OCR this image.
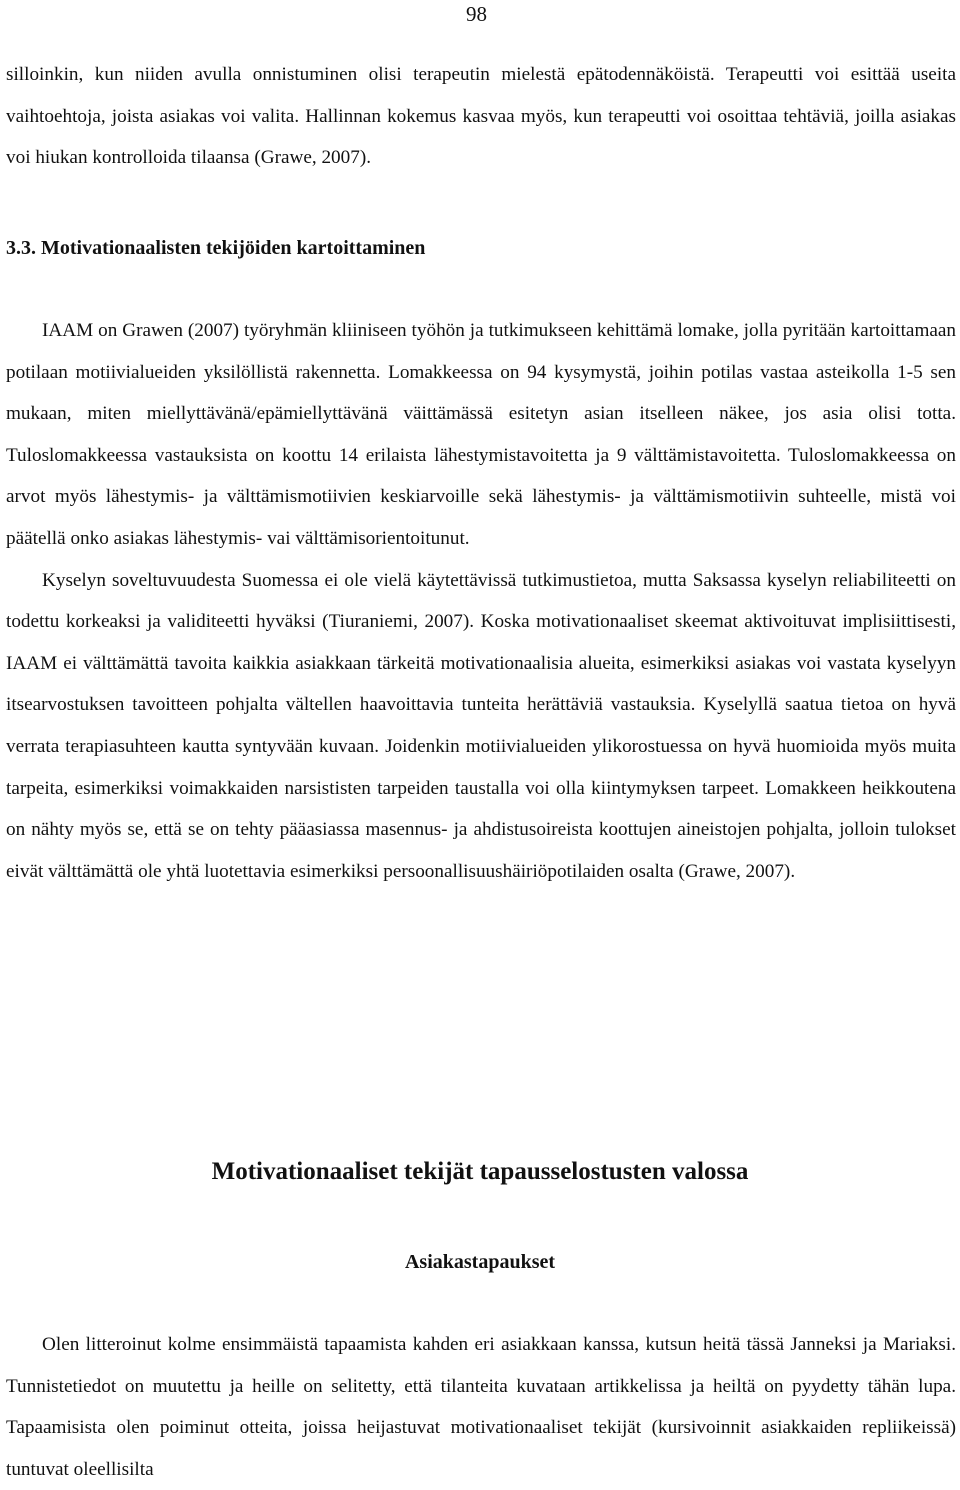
98

silloinkin, kun niiden avulla onnistuminen olisi terapeutin mielestä epätodennäköistä. Terapeutti voi esittää useita vaihtoehtoja, joista asiakas voi valita. Hallinnan kokemus kasvaa myös, kun terapeutti voi osoittaa tehtäviä, joilla asiakas voi hiukan kontrolloida tilaansa (Grawe, 2007).

3.3. Motivationaalisten tekijöiden kartoittaminen
IAAM on Grawen (2007) työryhmän kliiniseen työhön ja tutkimukseen kehittämä lomake, jolla pyritään kartoittamaan potilaan motiivialueiden yksilöllistä rakennetta. Lomakkeessa on 94 kysymystä, joihin potilas vastaa asteikolla 1-5 sen mukaan, miten miellyttävänä/epämiellyttävänä väittämässä esitetyn asian itselleen näkee, jos asia olisi totta. Tuloslomakkeessa vastauksista on koottu 14 erilaista lähestymistavoitetta ja 9 välttämistavoitetta. Tuloslomakkeessa on arvot myös lähestymis- ja välttämismotiivien keskiarvoille sekä lähestymis- ja välttämismotiivin suhteelle, mistä voi päätellä onko asiakas lähestymis- vai välttämisorientoitunut.
Kyselyn soveltuvuudesta Suomessa ei ole vielä käytettävissä tutkimustietoa, mutta Saksassa kyselyn reliabiliteetti on todettu korkeaksi ja validiteetti hyväksi (Tiuraniemi, 2007). Koska motivationaaliset skeemat aktivoituvat implisiittisesti, IAAM ei välttämättä tavoita kaikkia asiakkaan tärkeitä motivationaalisia alueita, esimerkiksi asiakas voi vastata kyselyyn itsearvostuksen tavoitteen pohjalta vältellen haavoittavia tunteita herättäviä vastauksia. Kyselyllä saatua tietoa on hyvä verrata terapiasuhteen kautta syntyvään kuvaan. Joidenkin motiivialueiden ylikorostuessa on hyvä huomioida myös muita tarpeita, esimerkiksi voimakkaiden narsististen tarpeiden taustalla voi olla kiintymyksen tarpeet. Lomakkeen heikkoutena on nähty myös se, että se on tehty pääasiassa masennus- ja ahdistusoireista koottujen aineistojen pohjalta, jolloin tulokset eivät välttämättä ole yhtä luotettavia esimerkiksi persoonallisuushäiriöpotilaiden osalta (Grawe, 2007).
Motivationaaliset tekijät tapausselostusten valossa
Asiakastapaukset

Olen litteroinut kolme ensimmäistä tapaamista kahden eri asiakkaan kanssa, kutsun heitä tässä Janneksi ja Mariaksi. Tunnistetiedot on muutettu ja heille on selitetty, että tilanteita kuvataan artikkelissa ja heiltä on pyydetty tähän lupa. Tapaamisista olen poiminut otteita, joissa heijastuvat motivationaaliset tekijät (kursivoinnit asiakkaiden repliikeissä) tuntuvat oleellisilta
